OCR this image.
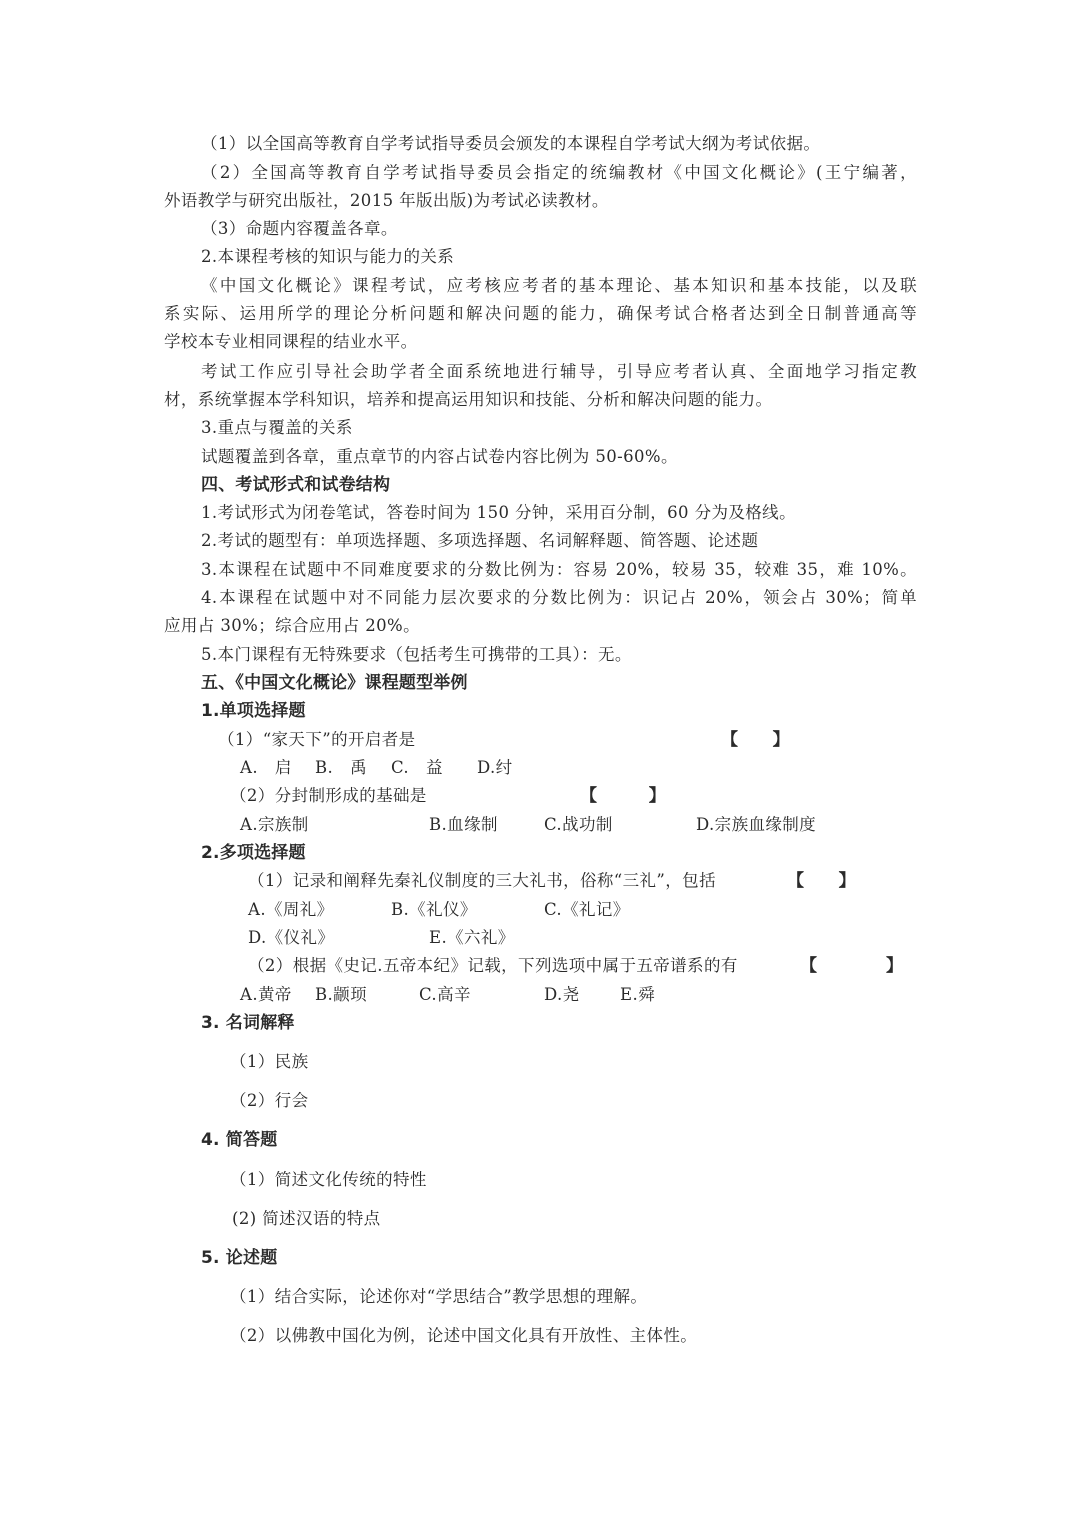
（1）以全国高等教育自学考试指导委员会颁发的本课程自学考试大纲为考试依据。
（2）全国高等教育自学考试指导委员会指定的统编教材《中国文化概论》(王宁编著，
外语教学与研究出版社，2015 年版出版)为考试必读教材。
（3）命题内容覆盖各章。
2.本课程考核的知识与能力的关系
《中国文化概论》课程考试，应考核应考者的基本理论、基本知识和基本技能，以及联
系实际、运用所学的理论分析问题和解决问题的能力，确保考试合格者达到全日制普通高等
学校本专业相同课程的结业水平。
考试工作应引导社会助学者全面系统地进行辅导，引导应考者认真、全面地学习指定教
材，系统掌握本学科知识，培养和提高运用知识和技能、分析和解决问题的能力。
3.重点与覆盖的关系
试题覆盖到各章，重点章节的内容占试卷内容比例为 50-60%。
四、考试形式和试卷结构
1.考试形式为闭卷笔试，答卷时间为 150 分钟，采用百分制，60 分为及格线。
2.考试的题型有：单项选择题、多项选择题、名词解释题、简答题、论述题
3.本课程在试题中不同难度要求的分数比例为：容易 20%，较易 35，较难 35，难 10%。
4.本课程在试题中对不同能力层次要求的分数比例为：识记占 20%，领会占 30%；简单
应用占 30%；综合应用占 20%。
5.本门课程有无特殊要求（包括考生可携带的工具）：无。
五、《中国文化概论》课程题型举例
1.单项选择题
（1）“家天下”的开启者是	【　　】
A.　启 B.　禹 C.　益 D.纣
（2）分封制形成的基础是	【　　　】
A.宗族制	B.血缘制	C.战功制	D.宗族血缘制度
2.多项选择题
（1）记录和阐释先秦礼仪制度的三大礼书，俗称“三礼”，包括	【　　】
A.《周礼》	B.《礼仪》	C.《礼记》
D.《仪礼》	E.《六礼》
（2）根据《史记.五帝本纪》记载，下列选项中属于五帝谱系的有	【　　　　】
A.黄帝 B.颛顼	C.高辛	D.尧 E.舜
3. 名词解释
（1）民族
（2）行会
4. 简答题
（1）简述文化传统的特性
(2) 简述汉语的特点
5. 论述题
（1）结合实际，论述你对“学思结合”教学思想的理解。
（2）以佛教中国化为例，论述中国文化具有开放性、主体性。
